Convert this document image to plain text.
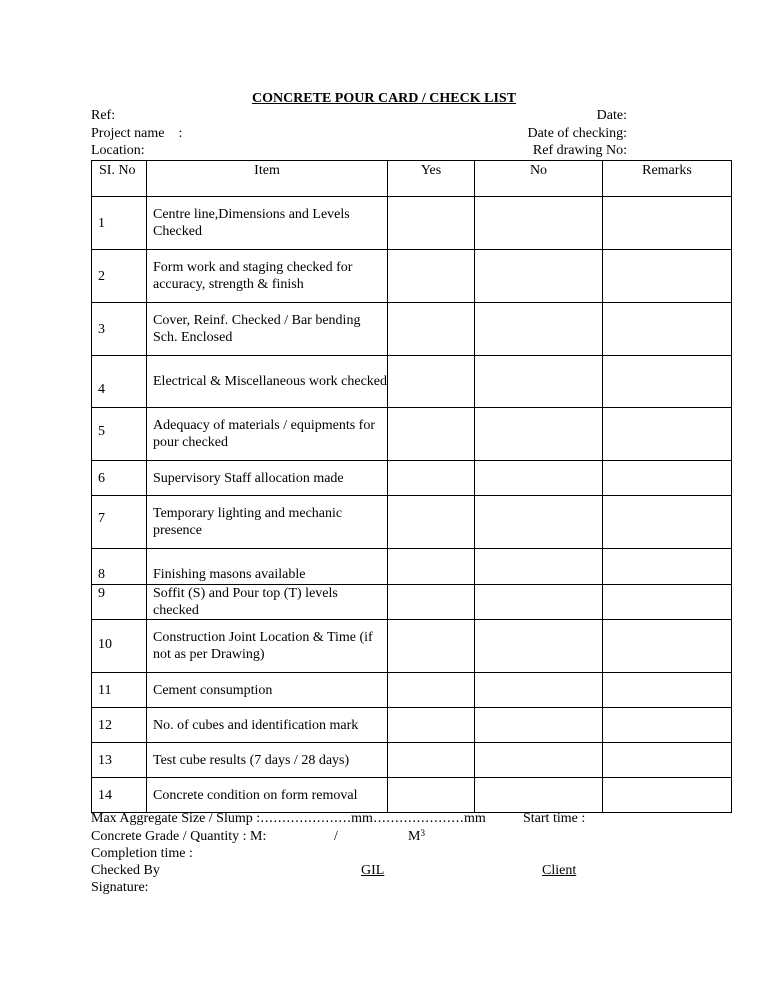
CONCRETE POUR CARD / CHECK LIST
Ref:
Project name    :
Location:
Date:
Date of checking:
Ref drawing No:
SI. No	Item	Yes	No	Remarks
1	Centre line,Dimensions and Levels Checked			
2	Form work and staging checked for accuracy, strength & finish			
3	Cover, Reinf. Checked / Bar bending Sch. Enclosed			
4	Electrical & Miscellaneous work checked			
5	Adequacy of materials / equipments for pour checked			
6	Supervisory Staff allocation made			
7	Temporary lighting and mechanic presence			

8	Finishing masons available			

9	Soffit (S) and Pour top (T) levels checked			
10	Construction Joint Location & Time (if not as per Drawing)			
11	Cement consumption			
12	No. of cubes and identification mark			
13	Test cube results (7 days / 28 days)			
14	Concrete condition on form removal			
Max Aggregate Size / Slump :…………………mm…………………mm	Start time :
Concrete Grade / Quantity : M:	/	$M^3$
Completion time :
Checked By	GIL	Client
Signature:
